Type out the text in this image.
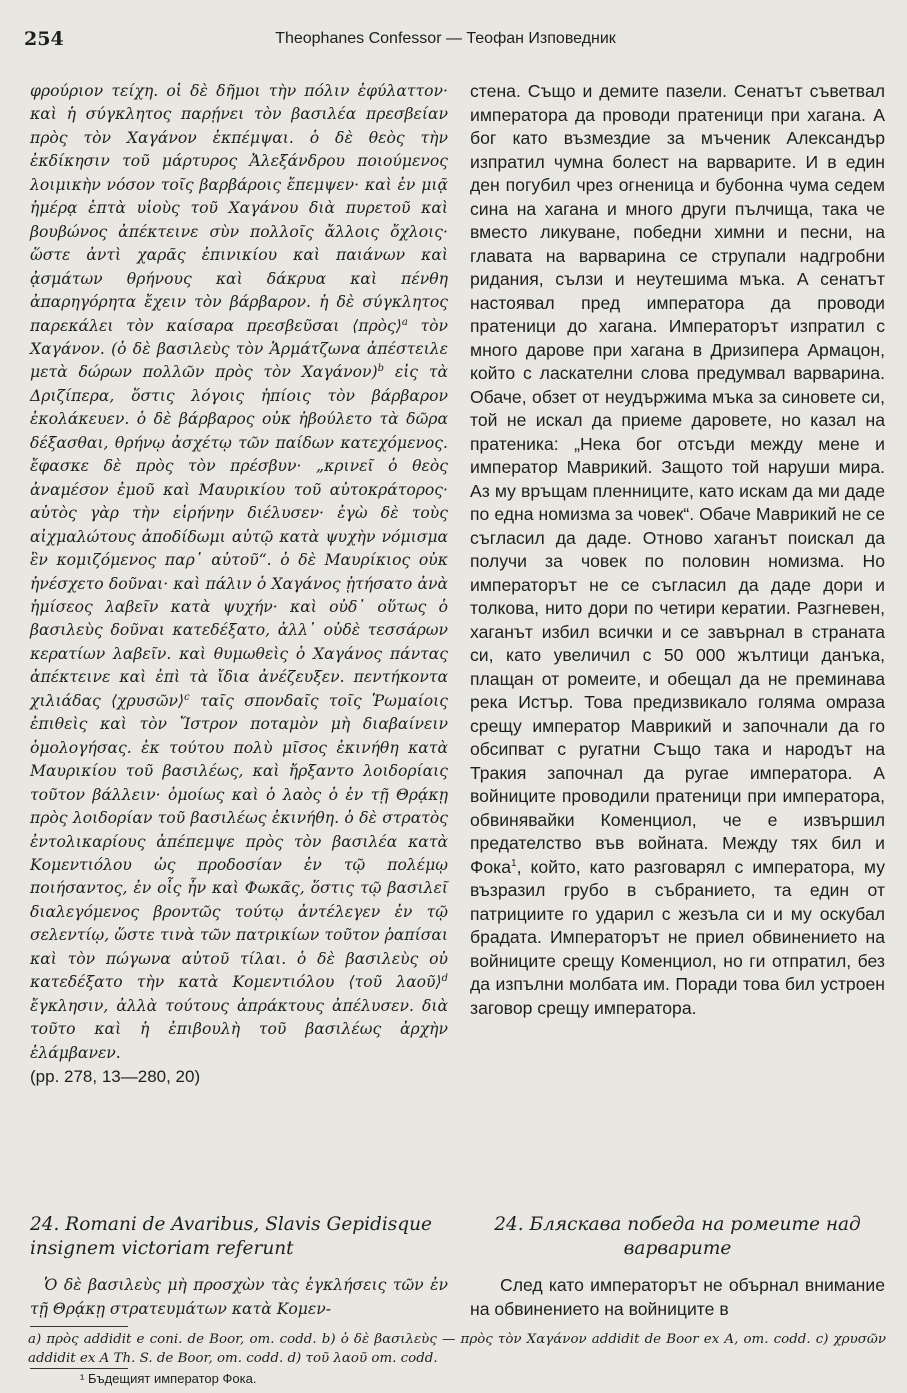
254	Theophanes Confessor — Теофан Изповедник

φρούριον τείχη. οἱ δὲ δῆμοι τὴν πόλιν ἐφύλαττον· καὶ ἡ σύγκλητος παρῄνει τὸν βασιλέα πρεσβείαν πρὸς τὸν Χαγάνον ἐκπέμψαι. ὁ δὲ θεὸς τὴν ἐκδίκησιν τοῦ μάρτυρος Ἀλεξάνδρου ποιούμενος λοιμικὴν νόσον τοῖς βαρβάροις ἔπεμψεν· καὶ ἐν μιᾷ ἡμέρᾳ ἑπτὰ υἱοὺς τοῦ Χαγάνου διὰ πυρετοῦ καὶ βουβώνος ἀπέκτεινε σὺν πολλοῖς ἄλλοις ὄχλοις· ὥστε ἀντὶ χαρᾶς ἐπινικίου καὶ παιάνων καὶ ᾀσμάτων θρήνους καὶ δάκρυα καὶ πένθη ἀπαρηγόρητα ἔχειν τὸν βάρβαρον. ἡ δὲ σύγκλητος παρεκάλει τὸν καίσαρα πρεσβεῦσαι ⟨πρὸς⟩$^a$ τὸν Χαγάνον. (ὁ δὲ βασιλεὺς τὸν Ἁρμάτζωνα ἀπέστειλε μετὰ δώρων πολλῶν πρὸς τὸν Χαγάνον)$^b$ εἰς τὰ Δριζίπερα, ὅστις λόγοις ἠπίοις τὸν βάρβαρον ἐκολάκευεν. ὁ δὲ βάρβαρος οὐκ ἠβούλετο τὰ δῶρα δέξασθαι, θρήνῳ ἀσχέτῳ τῶν παίδων κατεχόμενος. ἔφασκε δὲ πρὸς τὸν πρέσβυν· „κρινεῖ ὁ θεὸς ἀναμέσον ἐμοῦ καὶ Μαυρικίου τοῦ αὐτοκράτορος· αὐτὸς γὰρ τὴν εἰρήνην διέλυσεν· ἐγὼ δὲ τοὺς αἰχμαλώτους ἀποδίδωμι αὐτῷ κατὰ ψυχὴν νόμισμα ἓν κομιζόμενος παρ᾽ αὐτοῦ“. ὁ δὲ Μαυρίκιος οὐκ ἠνέσχετο δοῦναι· καὶ πάλιν ὁ Χαγάνος ᾐτήσατο ἀνὰ ἡμίσεος λαβεῖν κατὰ ψυχήν· καὶ οὐδ᾽ οὕτως ὁ βασιλεὺς δοῦναι κατεδέξατο, ἀλλ᾽ οὐδὲ τεσσάρων κερατίων λαβεῖν. καὶ θυμωθεὶς ὁ Χαγάνος πάντας ἀπέκτεινε καὶ ἐπὶ τὰ ἴδια ἀνέζευξεν. πεντήκοντα χιλιάδας ⟨χρυσῶν⟩$^c$ ταῖς σπονδαῖς τοῖς Ῥωμαίοις ἐπιθεὶς καὶ τὸν Ἴστρον ποταμὸν μὴ διαβαίνειν ὁμολογήσας. ἐκ τούτου πολὺ μῖσος ἐκινήθη κατὰ Μαυρικίου τοῦ βασιλέως, καὶ ἤρξαντο λοιδορίαις τοῦτον βάλλειν· ὁμοίως καὶ ὁ λαὸς ὁ ἐν τῇ Θρᾴκῃ πρὸς λοιδορίαν τοῦ βασιλέως ἐκινήθη. ὁ δὲ στρατὸς ἐντολικαρίους ἀπέπεμψε πρὸς τὸν βασιλέα κατὰ Κομεντιόλου ὡς προδοσίαν ἐν τῷ πολέμῳ ποιήσαντος, ἐν οἷς ἦν καὶ Φωκᾶς, ὅστις τῷ βασιλεῖ διαλεγόμενος βροντῶς τούτῳ ἀντέλεγεν ἐν τῷ σελεντίῳ, ὥστε τινὰ τῶν πατρικίων τοῦτον ῥαπίσαι καὶ τὸν πώγωνα αὐτοῦ τίλαι. ὁ δὲ βασιλεὺς οὐ κατεδέξατο τὴν κατὰ Κομεντιόλου ⟨τοῦ λαοῦ⟩$^d$ ἔγκλησιν, ἀλλὰ τούτους ἀπράκτους ἀπέλυσεν. διὰ τοῦτο καὶ ἡ ἐπιβουλὴ τοῦ βασιλέως ἀρχὴν ἐλάμβανεν.

(pp. 278, 13—280, 20)

стена. Също и демите пазели. Сенатът съветвал императора да проводи пратеници при хагана. А бог като възмездие за мъченик Александър изпратил чумна болест на варварите. И в един ден погубил чрез огненица и бубонна чума седем сина на хагана и много други пълчища, така че вместо ликуване, победни химни и песни, на главата на варварина се струпали надгробни ридания, сълзи и неутешима мъка. А сенатът настоявал пред императора да проводи пратеници до хагана. Императорът изпратил с много дарове при хагана в Дризипера Армацон, който с ласкателни слова предумвал варварина. Обаче, обзет от неудържима мъка за синовете си, той не искал да приеме даровете, но казал на пратеника: „Нека бог отсъди между мене и император Маврикий. Защото той наруши мира. Аз му връщам пленниците, като искам да ми даде по една номизма за човек“. Обаче Маврикий не се съгласил да даде. Отново хаганът поискал да получи за човек по половин номизма. Но императорът не се съгласил да даде дори и толкова, нито дори по четири кератии. Разгневен, хаганът избил всички и се завърнал в страната си, като увеличил с 50 000 жълтици данъка, плащан от ромеите, и обещал да не преминава река Истър. Това предизвикало голяма омраза срещу император Маврикий и започнали да го обсипват с ругатни Също така и народът на Тракия започнал да ругае императора. А войниците проводили пратеници при императора, обвинявайки Коменциол, че е извършил предателство във войната. Между тях бил и Фока$^1$, който, като разговарял с императора, му възразил грубо в събранието, та един от патрициите го ударил с жезъла си и му оскубал брадата. Императорът не приел обвинението на войниците срещу Коменциол, но ги отпратил, без да изпълни молбата им. Поради това бил устроен заговор срещу императора.

24. Romani de Avaribus, Slavis Gepidisque insignem victoriam referunt
24. Бляскава победа на ромеите над варварите

Ὁ δὲ βασιλεὺς μὴ προσχὼν τὰς ἐγκλήσεις τῶν ἐν τῇ Θρᾴκῃ στρατευμάτων κατὰ Κομεν-

След като императорът не обърнал внимание на обвинението на войниците в

a) πρὸς addidit e coni. de Boor, om. codd. b) ὁ δὲ βασιλεὺς — πρὸς τὸν Χαγάνον addidit de Boor ex A, om. codd. c) χρυσῶν addidit ex A Th. S. de Boor, om. codd. d) τοῦ λαοῦ om. codd.

¹ Бъдещият император Фока.
